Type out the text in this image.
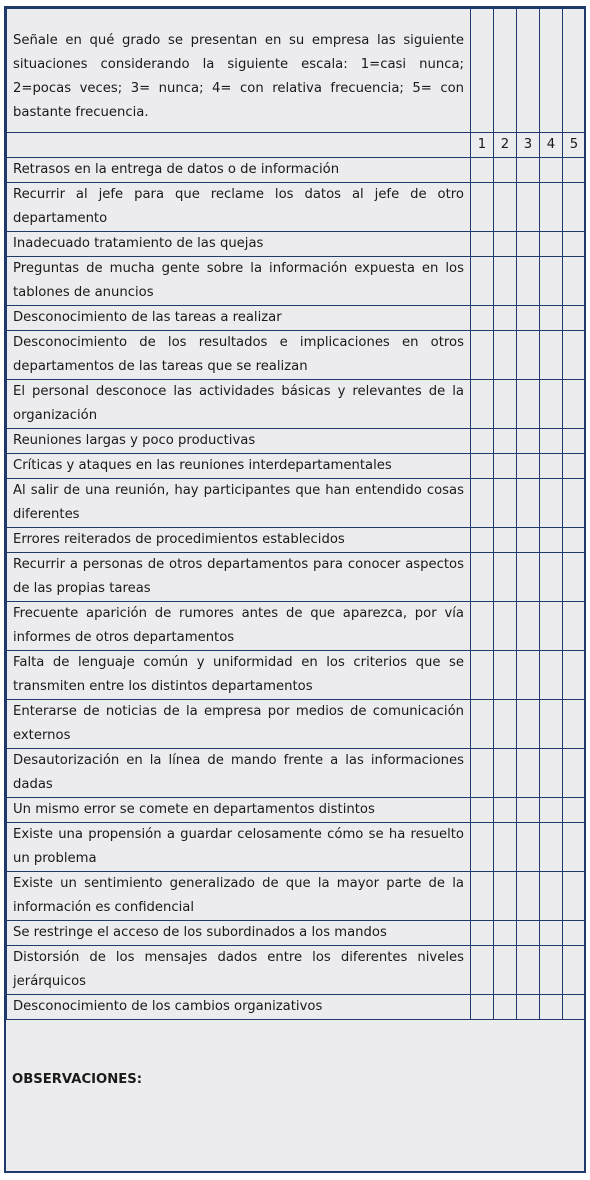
Señale en qué grado se presentan en su empresa las siguiente situaciones considerando la siguiente escala: 1=casi nunca; 2=pocas veces; 3= nunca; 4= con relativa frecuencia; 5= con bastante frecuencia.					
	1	2	3	4	5
Retrasos en la entrega de datos o de información					
Recurrir al jefe para que reclame los datos al jefe de otro departamento					
Inadecuado tratamiento de las quejas					
Preguntas de mucha gente sobre la información expuesta en los tablones de anuncios					
Desconocimiento de las tareas a realizar					
Desconocimiento de los resultados e implicaciones en otros departamentos de las tareas que se realizan					
El personal desconoce las actividades básicas y relevantes de la organización					
Reuniones largas y poco productivas					
Críticas y ataques en las reuniones interdepartamentales					
Al salir de una reunión, hay participantes que han entendido cosas diferentes					
Errores reiterados de procedimientos establecidos					
Recurrir a personas de otros departamentos para conocer aspectos de las propias tareas					
Frecuente aparición de rumores antes de que aparezca, por vía informes de otros departamentos					
Falta de lenguaje común y uniformidad en los criterios que se transmiten entre los distintos departamentos					
Enterarse de noticias de la empresa por medios de comunicación externos					
Desautorización en la línea de mando frente a las informaciones dadas					
Un mismo error se comete en departamentos distintos					
Existe una propensión a guardar celosamente cómo se ha resuelto un problema					
Existe un sentimiento generalizado de que la mayor parte de la información es confidencial					
Se restringe el acceso de los subordinados a los mandos					
Distorsión de los mensajes dados entre los diferentes niveles jerárquicos					
Desconocimiento de los cambios organizativos					
OBSERVACIONES:
